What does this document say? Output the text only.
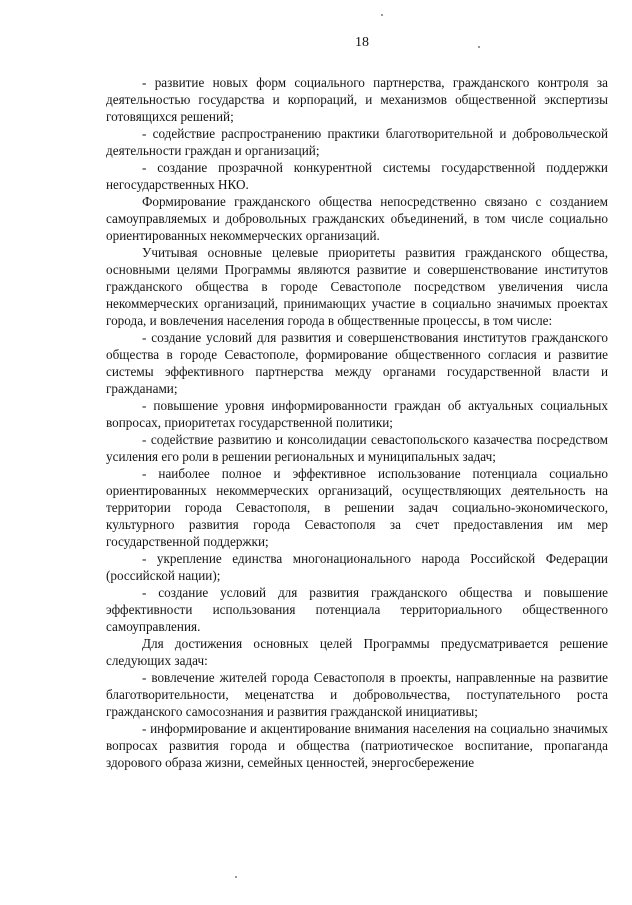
18

- развитие новых форм социального партнерства, гражданского контроля за деятельностью государства и корпораций, и механизмов общественной экспертизы готовящихся решений;

- содействие распространению практики благотворительной и добровольческой деятельности граждан и организаций;

- создание прозрачной конкурентной системы государственной поддержки негосударственных НКО.

Формирование гражданского общества непосредственно связано с созданием самоуправляемых и добровольных гражданских объединений, в том числе социально ориентированных некоммерческих организаций.

Учитывая основные целевые приоритеты развития гражданского общества, основными целями Программы являются развитие и совершенствование институтов гражданского общества в городе Севастополе посредством увеличения числа некоммерческих организаций, принимающих участие в социально значимых проектах города, и вовлечения населения города в общественные процессы, в том числе:

- создание условий для развития и совершенствования институтов гражданского общества в городе Севастополе, формирование общественного согласия и развитие системы эффективного партнерства между органами государственной власти и гражданами;

- повышение уровня информированности граждан об актуальных социальных вопросах, приоритетах государственной политики;

- содействие развитию и консолидации севастопольского казачества посредством усиления его роли в решении региональных и муниципальных задач;

- наиболее полное и эффективное использование потенциала социально ориентированных некоммерческих организаций, осуществляющих деятельность на территории города Севастополя, в решении задач социально-экономического, культурного развития города Севастополя за счет предоставления им мер государственной поддержки;

- укрепление единства многонационального народа Российской Федерации (российской нации);

- создание условий для развития гражданского общества и повышение эффективности использования потенциала территориального общественного самоуправления.

Для достижения основных целей Программы предусматривается решение следующих задач:

- вовлечение жителей города Севастополя в проекты, направленные на развитие благотворительности, меценатства и добровольчества, поступательного роста гражданского самосознания и развития гражданской инициативы;

- информирование и акцентирование внимания населения на социально значимых вопросах развития города и общества (патриотическое воспитание, пропаганда здорового образа жизни, семейных ценностей, энергосбережение
